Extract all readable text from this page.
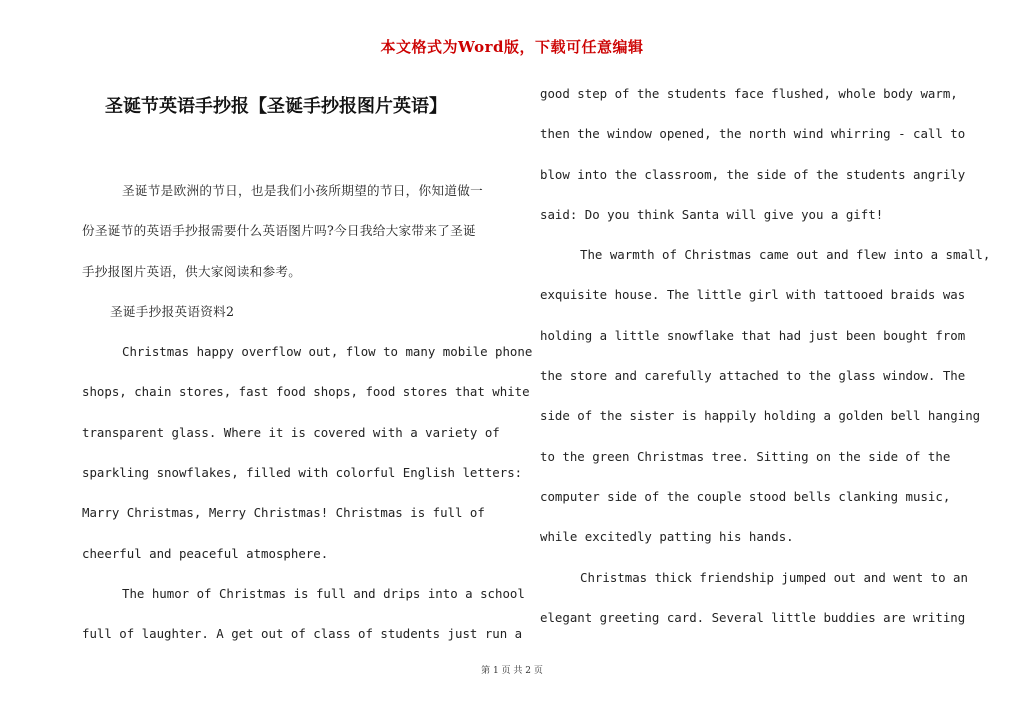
本文格式为Word版，下载可任意编辑
圣诞节英语手抄报【圣诞手抄报图片英语】
圣诞节是欧洲的节日，也是我们小孩所期望的节日，你知道做一
份圣诞节的英语手抄报需要什么英语图片吗?今日我给大家带来了圣诞
手抄报图片英语，供大家阅读和参考。
圣诞手抄报英语资料2
Christmas happy overflow out, flow to many mobile phone
shops, chain stores, fast food shops, food stores that white
transparent glass. Where it is covered with a variety of
sparkling snowflakes, filled with colorful English letters:
Marry Christmas, Merry Christmas! Christmas is full of
cheerful and peaceful atmosphere.
The humor of Christmas is full and drips into a school
full of laughter. A get out of class of students just run a
good step of the students face flushed, whole body warm,
then the window opened, the north wind whirring - call to
blow into the classroom, the side of the students angrily
said: Do you think Santa will give you a gift!
The warmth of Christmas came out and flew into a small,
exquisite house. The little girl with tattooed braids was
holding a little snowflake that had just been bought from
the store and carefully attached to the glass window. The
side of the sister is happily holding a golden bell hanging
to the green Christmas tree. Sitting on the side of the
computer side of the couple stood bells clanking music,
while excitedly patting his hands.
Christmas thick friendship jumped out and went to an
elegant greeting card. Several little buddies are writing
第 1 页 共 2 页
